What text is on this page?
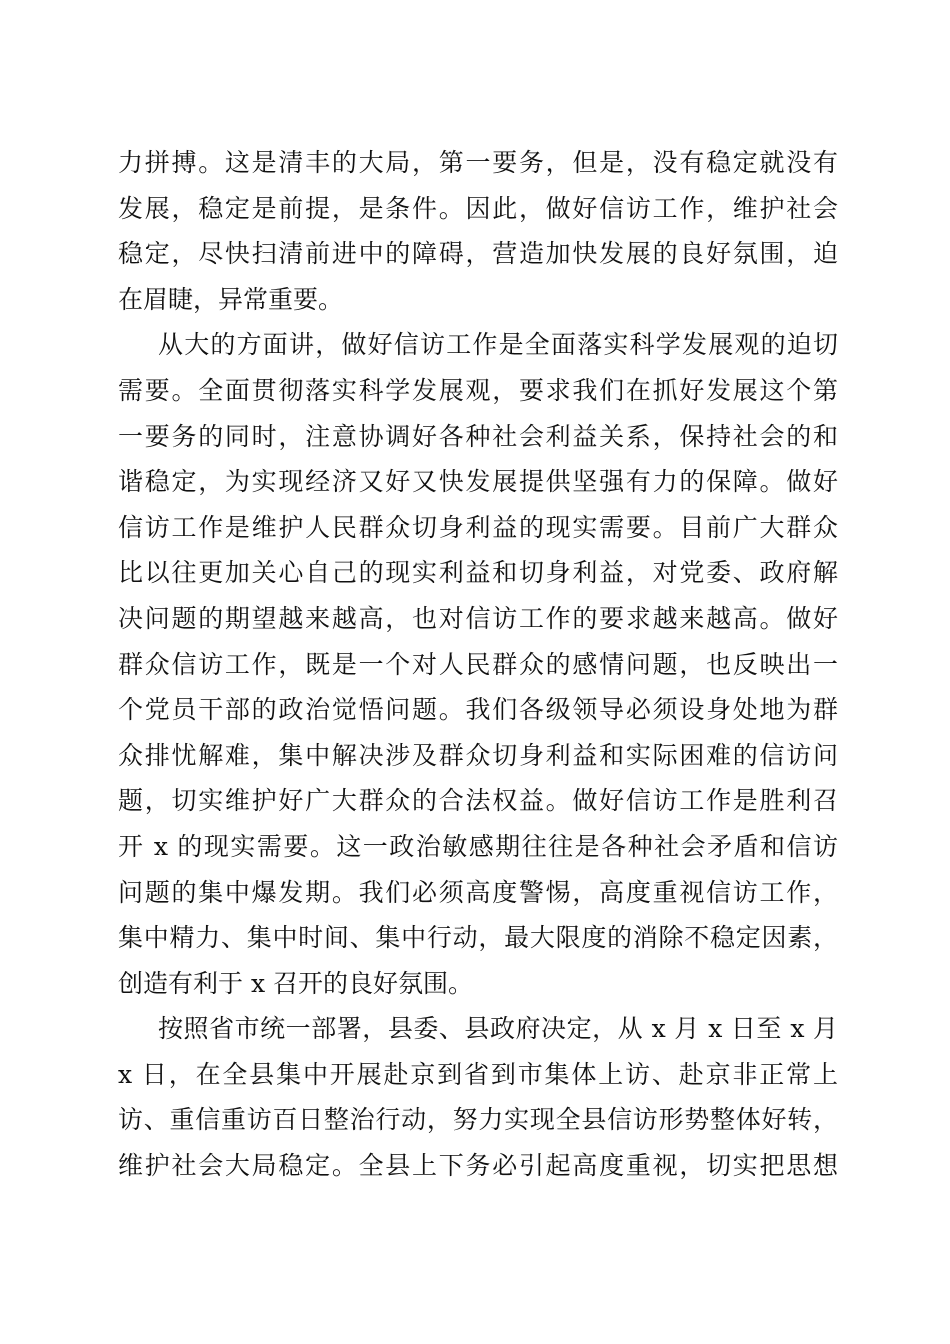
力拼搏。这是清丰的大局，第一要务，但是，没有稳定就没有
发展，稳定是前提，是条件。因此，做好信访工作，维护社会
稳定，尽快扫清前进中的障碍，营造加快发展的良好氛围，迫
在眉睫，异常重要。
从大的方面讲，做好信访工作是全面落实科学发展观的迫切
需要。全面贯彻落实科学发展观，要求我们在抓好发展这个第
一要务的同时，注意协调好各种社会利益关系，保持社会的和
谐稳定，为实现经济又好又快发展提供坚强有力的保障。做好
信访工作是维护人民群众切身利益的现实需要。目前广大群众
比以往更加关心自己的现实利益和切身利益，对党委、政府解
决问题的期望越来越高，也对信访工作的要求越来越高。做好
群众信访工作，既是一个对人民群众的感情问题，也反映出一
个党员干部的政治觉悟问题。我们各级领导必须设身处地为群
众排忧解难，集中解决涉及群众切身利益和实际困难的信访问
题，切实维护好广大群众的合法权益。做好信访工作是胜利召
开 x 的现实需要。这一政治敏感期往往是各种社会矛盾和信访
问题的集中爆发期。我们必须高度警惕，高度重视信访工作，
集中精力、集中时间、集中行动，最大限度的消除不稳定因素，
创造有利于 x 召开的良好氛围。
按照省市统一部署，县委、县政府决定，从 x 月 x 日至 x 月
x 日，在全县集中开展赴京到省到市集体上访、赴京非正常上
访、重信重访百日整治行动，努力实现全县信访形势整体好转，
维护社会大局稳定。全县上下务必引起高度重视，切实把思想
